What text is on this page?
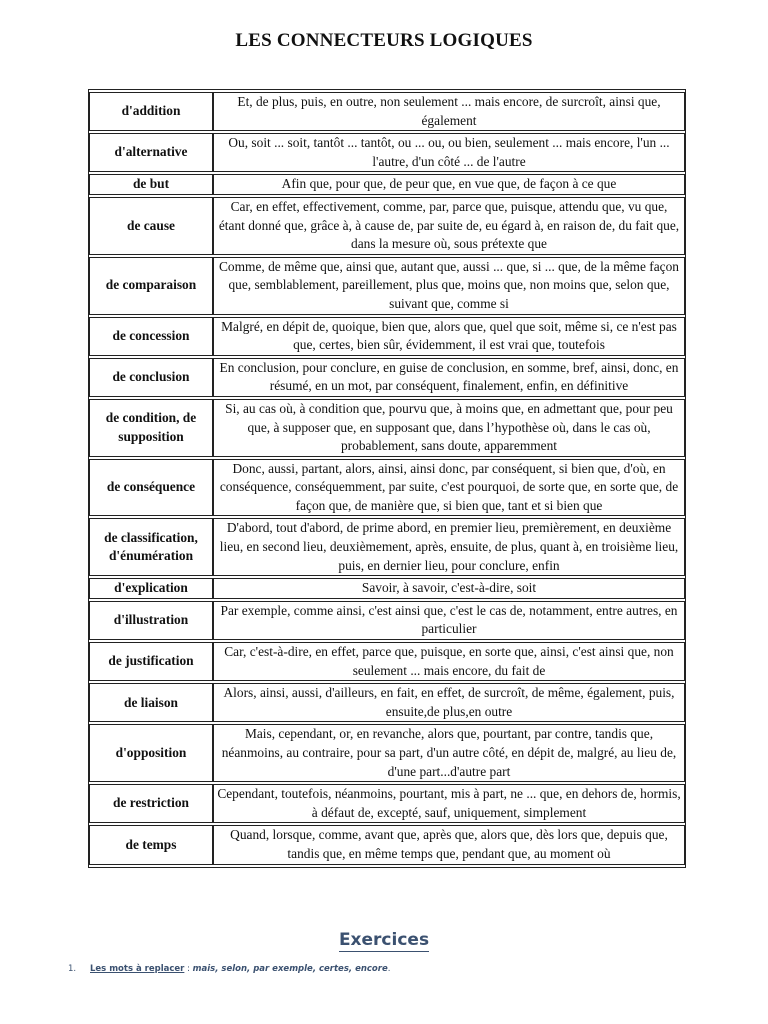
LES CONNECTEURS LOGIQUES
d'addition	Et, de plus, puis, en outre, non seulement ... mais encore, de surcroît, ainsi que, également
d'alternative	Ou, soit ... soit, tantôt ... tantôt, ou ... ou, ou bien, seulement ... mais encore, l'un ... l'autre, d'un côté ... de l'autre
de but	Afin que, pour que, de peur que, en vue que, de façon à ce que
de cause	Car, en effet, effectivement, comme, par, parce que, puisque, attendu que, vu que, étant donné que, grâce à, à cause de, par suite de, eu égard à, en raison de, du fait que, dans la mesure où, sous prétexte que
de comparaison	Comme, de même que, ainsi que, autant que, aussi ... que, si ... que, de la même façon que, semblablement, pareillement, plus que, moins que, non moins que, selon que, suivant que, comme si
de concession	Malgré, en dépit de, quoique, bien que, alors que, quel que soit, même si, ce n'est pas que, certes, bien sûr, évidemment, il est vrai que, toutefois
de conclusion	En conclusion, pour conclure, en guise de conclusion, en somme, bref, ainsi, donc, en résumé, en un mot, par conséquent, finalement, enfin, en définitive
de condition, de supposition	Si, au cas où, à condition que, pourvu que, à moins que, en admettant que, pour peu que, à supposer que, en supposant que, dans l’hypothèse où, dans le cas où, probablement, sans doute, apparemment
de conséquence	Donc, aussi, partant, alors, ainsi, ainsi donc, par conséquent, si bien que, d'où, en conséquence, conséquemment, par suite, c'est pourquoi, de sorte que, en sorte que, de façon que, de manière que, si bien que, tant et si bien que
de classification, d'énumération	D'abord, tout d'abord, de prime abord, en premier lieu, premièrement, en deuxième lieu, en second lieu, deuxièmement, après, ensuite, de plus, quant à, en troisième lieu, puis, en dernier lieu, pour conclure, enfin
d'explication	Savoir, à savoir, c'est-à-dire, soit
d'illustration	Par exemple, comme ainsi, c'est ainsi que, c'est le cas de, notamment, entre autres, en particulier
de justification	Car, c'est-à-dire, en effet, parce que, puisque, en sorte que, ainsi, c'est ainsi que, non seulement ... mais encore, du fait de
de liaison	Alors, ainsi, aussi, d'ailleurs, en fait, en effet, de surcroît, de même, également, puis, ensuite,de plus,en outre
d'opposition	Mais, cependant, or, en revanche, alors que, pourtant, par contre, tandis que, néanmoins, au contraire, pour sa part, d'un autre côté, en dépit de, malgré, au lieu de, d'une part...d'autre part
de restriction	Cependant, toutefois, néanmoins, pourtant, mis à part, ne ... que, en dehors de, hormis, à défaut de, excepté, sauf, uniquement, simplement
de temps	Quand, lorsque, comme, avant que, après que, alors que, dès lors que, depuis que, tandis que, en même temps que, pendant que, au moment où
Exercices
1. Les mots à replacer : mais, selon, par exemple, certes, encore.
